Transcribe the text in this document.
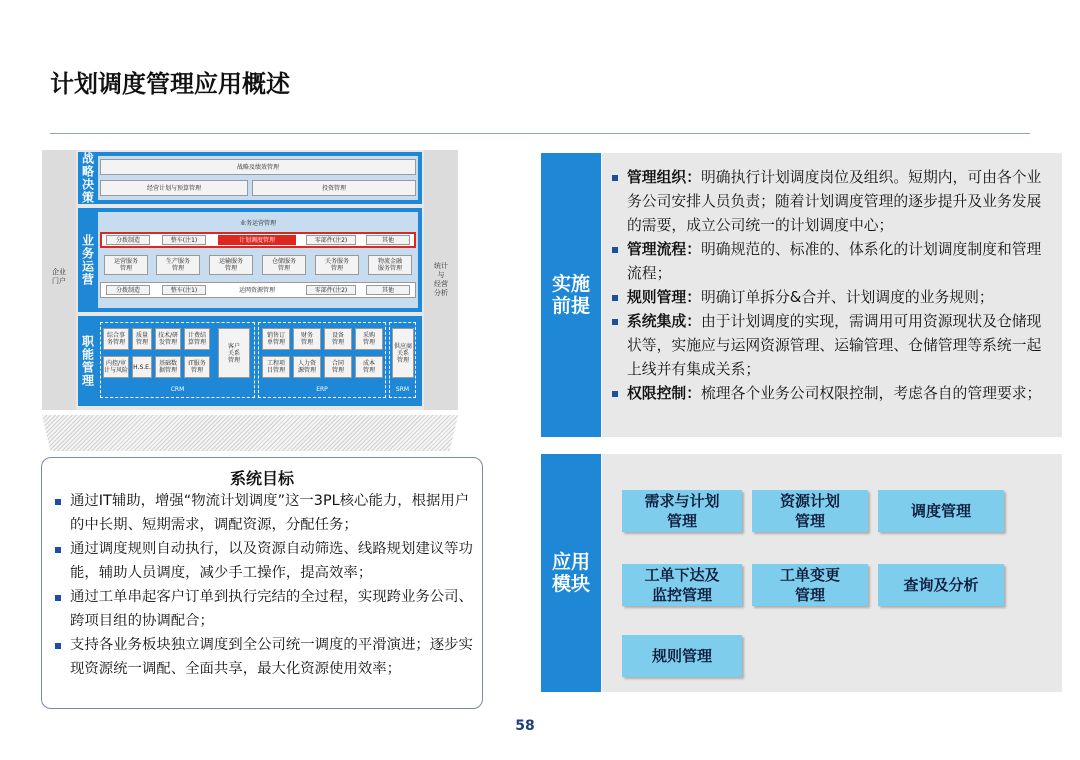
计划调度管理应用概述
企业
门户
统计
与
经营
分析
战略决策	战略及绩效管理
经营计划与预算管理	投资管理
业务运营
业务运营管理
分拨制造	整车(注1)	计划调度管理	零部件(注2)	其他
运营服务
管理
生产服务
管理
运输服务
管理
仓储服务
管理
关务服务
管理
物流金融
服务管理
分拨制造	整车(注1)	运网资源管理	零部件(注2)	其他
职能管理	综合事
务管理
质量
管理
技术/研
发管理
计费结
算管理
内控/审
计与风险 H.S.E.	基础数
据管理
IT服务
管理
客户
关系
管理
销售订
单管理
财务
管理
设备
管理
采购
管理
工程项
目管理
人力资
源管理
合同
管理
成本
管理
供应商
关系
管理
CRM	ERP	SRM
系统目标
通过IT辅助，增强“物流计划调度”这一3PL核心能力，根据用户的中长期、短期需求，调配资源，分配任务；
通过调度规则自动执行，以及资源自动筛选、线路规划建议等功能，辅助人员调度，减少手工操作，提高效率；
通过工单串起客户订单到执行完结的全过程，实现跨业务公司、跨项目组的协调配合；
支持各业务板块独立调度到全公司统一调度的平滑演进；逐步实现资源统一调配、全面共享，最大化资源使用效率；
实施
前提
管理组织：明确执行计划调度岗位及组织。短期内，可由各个业务公司安排人员负责；随着计划调度管理的逐步提升及业务发展的需要，成立公司统一的计划调度中心；
管理流程：明确规范的、标准的、体系化的计划调度制度和管理流程；
规则管理：明确订单拆分&合并、计划调度的业务规则；
系统集成：由于计划调度的实现，需调用可用资源现状及仓储现状等，实施应与运网资源管理、运输管理、仓储管理等系统一起上线并有集成关系；
权限控制：梳理各个业务公司权限控制，考虑各自的管理要求；
应用
模块
需求与计划
管理
资源计划
管理
调度管理
工单下达及
监控管理
工单变更
管理
查询及分析
规则管理
58
